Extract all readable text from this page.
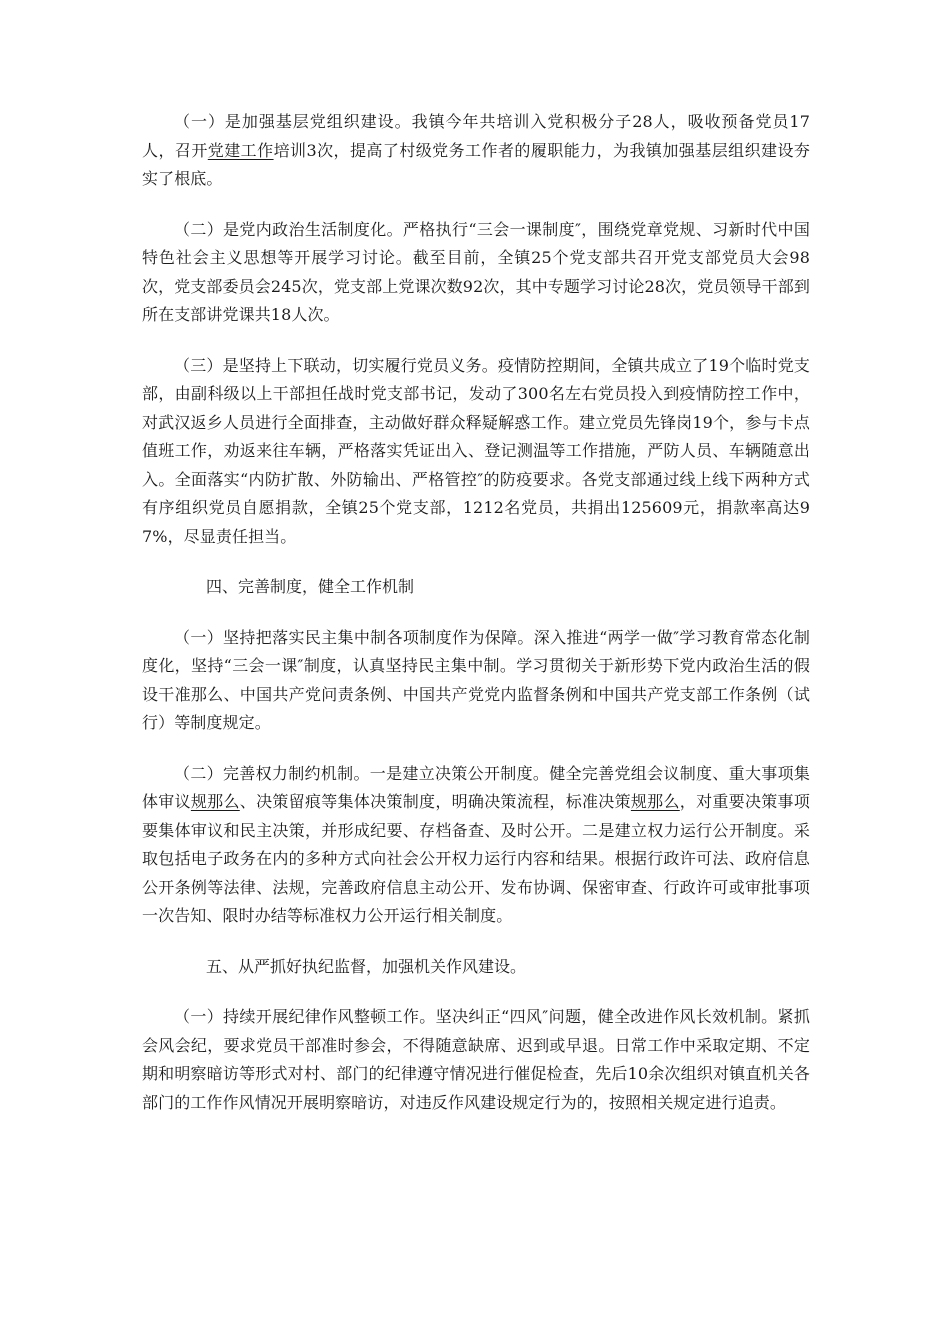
（一）是加强基层党组织建设。我镇今年共培训入党积极分子28人，吸收预备党员17人，召开党建工作培训3次，提高了村级党务工作者的履职能力，为我镇加强基层组织建设夯实了根底。

（二）是党内政治生活制度化。严格执行“三会一课制度″，围绕党章党规、习新时代中国特色社会主义思想等开展学习讨论。截至目前，全镇25个党支部共召开党支部党员大会98次，党支部委员会245次，党支部上党课次数92次，其中专题学习讨论28次，党员领导干部到所在支部讲党课共18人次。

（三）是坚持上下联动，切实履行党员义务。疫情防控期间，全镇共成立了19个临时党支部，由副科级以上干部担任战时党支部书记，发动了300名左右党员投入到疫情防控工作中，对武汉返乡人员进行全面排查，主动做好群众释疑解惑工作。建立党员先锋岗19个，参与卡点值班工作，劝返来往车辆，严格落实凭证出入、登记测温等工作措施，严防人员、车辆随意出入。全面落实“内防扩散、外防输出、严格管控″的防疫要求。各党支部通过线上线下两种方式有序组织党员自愿捐款，全镇25个党支部，1212名党员，共捐出125609元，捐款率高达97%，尽显责任担当。

四、完善制度，健全工作机制

（一）坚持把落实民主集中制各项制度作为保障。深入推进“两学一做″学习教育常态化制度化，坚持“三会一课″制度，认真坚持民主集中制。学习贯彻关于新形势下党内政治生活的假设干准那么、中国共产党问责条例、中国共产党党内监督条例和中国共产党支部工作条例（试行）等制度规定。

（二）完善权力制约机制。一是建立决策公开制度。健全完善党组会议制度、重大事项集体审议规那么、决策留痕等集体决策制度，明确决策流程，标准决策规那么，对重要决策事项要集体审议和民主决策，并形成纪要、存档备查、及时公开。二是建立权力运行公开制度。采取包括电子政务在内的多种方式向社会公开权力运行内容和结果。根据行政许可法、政府信息公开条例等法律、法规，完善政府信息主动公开、发布协调、保密审查、行政许可或审批事项一次告知、限时办结等标准权力公开运行相关制度。

五、从严抓好执纪监督，加强机关作风建设。

（一）持续开展纪律作风整顿工作。坚决纠正“四风″问题，健全改进作风长效机制。紧抓会风会纪，要求党员干部准时参会，不得随意缺席、迟到或早退。日常工作中采取定期、不定期和明察暗访等形式对村、部门的纪律遵守情况进行催促检查，先后10余次组织对镇直机关各部门的工作作风情况开展明察暗访，对违反作风建设规定行为的，按照相关规定进行追责。
